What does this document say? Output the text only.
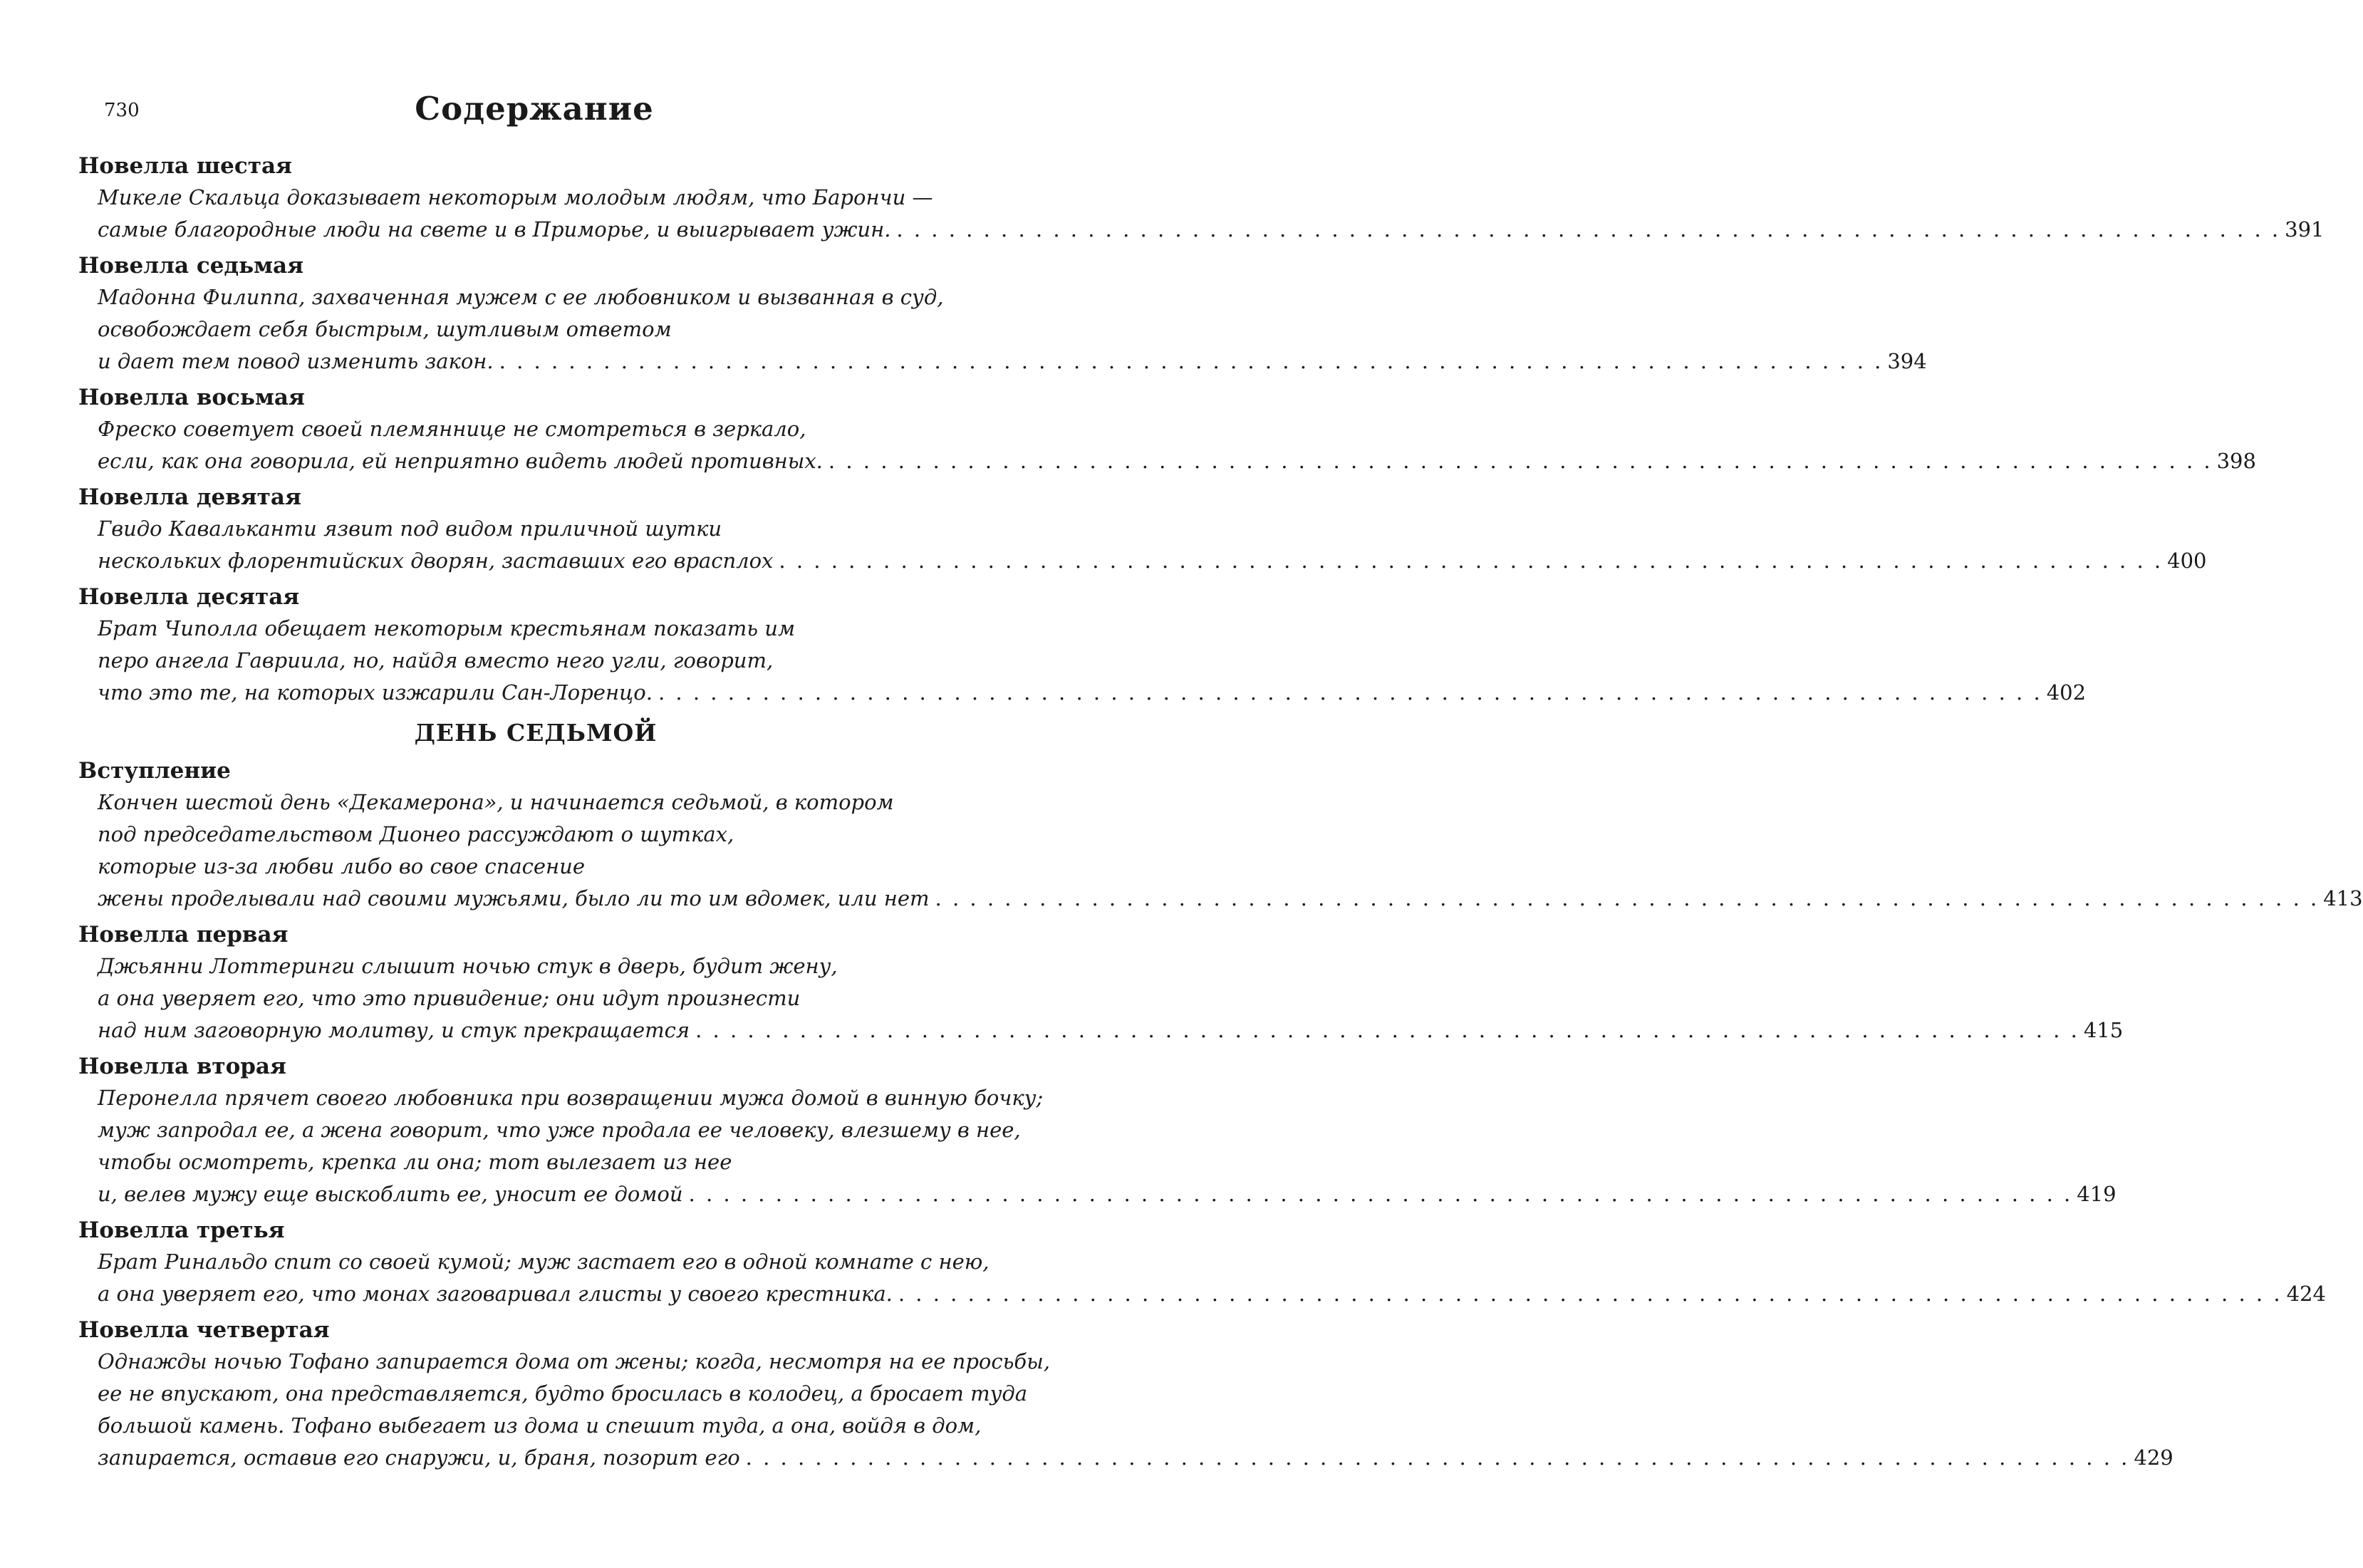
730	Содержание
Новелла шестая
Микеле Скальца доказывает некоторым молодым людям, что Барончи —
самые благородные люди на свете и в Приморье, и выигрывает ужин. . . . . . . . . . . . . . . . . . . . . . . . . . . . . . . . . . . . . . . . . . . . . . . . . . . . . . . . . . . . . . . . . . . . . . . . . . . . . . . . . 391
Новелла седьмая
Мадонна Филиппа, захваченная мужем с ее любовником и вызванная в суд,
освобождает себя быстрым, шутливым ответом
и дает тем повод изменить закон. . . . . . . . . . . . . . . . . . . . . . . . . . . . . . . . . . . . . . . . . . . . . . . . . . . . . . . . . . . . . . . . . . . . . . . . . . . . . . . . . 394
Новелла восьмая
Фреско советует своей племяннице не смотреться в зеркало,
если, как она говорила, ей неприятно видеть людей противных. . . . . . . . . . . . . . . . . . . . . . . . . . . . . . . . . . . . . . . . . . . . . . . . . . . . . . . . . . . . . . . . . . . . . . . . . . . . . . . . . 398
Новелла девятая
Гвидо Кавальканти язвит под видом приличной шутки
нескольких флорентийских дворян, заставших его врасплох . . . . . . . . . . . . . . . . . . . . . . . . . . . . . . . . . . . . . . . . . . . . . . . . . . . . . . . . . . . . . . . . . . . . . . . . . . . . . . . . 400
Новелла десятая
Брат Чиполла обещает некоторым крестьянам показать им
перо ангела Гавриила, но, найдя вместо него угли, говорит,
что это те, на которых изжарили Сан-Лоренцо. . . . . . . . . . . . . . . . . . . . . . . . . . . . . . . . . . . . . . . . . . . . . . . . . . . . . . . . . . . . . . . . . . . . . . . . . . . . . . . . . 402
ДЕНЬ СЕДЬМОЙ
Вступление
Кончен шестой день «Декамерона», и начинается седьмой, в котором
под председательством Дионео рассуждают о шутках,
которые из-за любви либо во свое спасение
жены проделывали над своими мужьями, было ли то им вдомек, или нет . . . . . . . . . . . . . . . . . . . . . . . . . . . . . . . . . . . . . . . . . . . . . . . . . . . . . . . . . . . . . . . . . . . . . . . . . . . . . . . . 413
Новелла первая
Джьянни Лоттеринги слышит ночью стук в дверь, будит жену,
а она уверяет его, что это привидение; они идут произнести
над ним заговорную молитву, и стук прекращается . . . . . . . . . . . . . . . . . . . . . . . . . . . . . . . . . . . . . . . . . . . . . . . . . . . . . . . . . . . . . . . . . . . . . . . . . . . . . . . . 415
Новелла вторая
Перонелла прячет своего любовника при возвращении мужа домой в винную бочку;
муж запродал ее, а жена говорит, что уже продала ее человеку, влезшему в нее,
чтобы осмотреть, крепка ли она; тот вылезает из нее
и, велев мужу еще выскоблить ее, уносит ее домой . . . . . . . . . . . . . . . . . . . . . . . . . . . . . . . . . . . . . . . . . . . . . . . . . . . . . . . . . . . . . . . . . . . . . . . . . . . . . . . . 419
Новелла третья
Брат Ринальдо спит со своей кумой; муж застает его в одной комнате с нею,
а она уверяет его, что монах заговаривал глисты у своего крестника. . . . . . . . . . . . . . . . . . . . . . . . . . . . . . . . . . . . . . . . . . . . . . . . . . . . . . . . . . . . . . . . . . . . . . . . . . . . . . . . . 424
Новелла четвертая
Однажды ночью Тофано запирается дома от жены; когда, несмотря на ее просьбы,
ее не впускают, она представляется, будто бросилась в колодец, а бросает туда
большой камень. Тофано выбегает из дома и спешит туда, а она, войдя в дом,
запирается, оставив его снаружи, и, браня, позорит его . . . . . . . . . . . . . . . . . . . . . . . . . . . . . . . . . . . . . . . . . . . . . . . . . . . . . . . . . . . . . . . . . . . . . . . . . . . . . . . . 429
